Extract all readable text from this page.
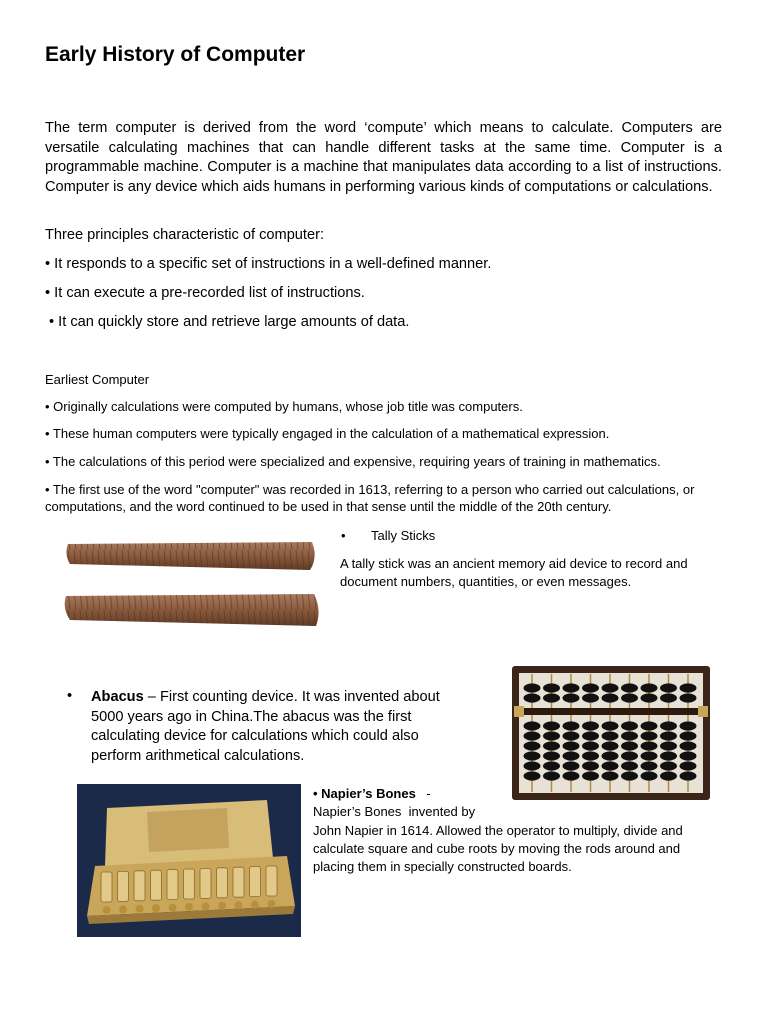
Early History of Computer

The term computer is derived from the word ‘compute’ which means to calculate. Computers are versatile calculating machines that can handle different tasks at the same time. Computer is a programmable machine. Computer is a machine that manipulates data according to a list of instructions. Computer is any device which aids humans in performing various kinds of computations or calculations.

Three principles characteristic of computer:

• It responds to a specific set of instructions in a well-defined manner.

• It can execute a pre-recorded list of instructions.

• It can quickly store and retrieve large amounts of data.

Earliest Computer

• Originally calculations were computed by humans, whose job title was computers.

• These human computers were typically engaged in the calculation of a mathematical expression.

• The calculations of this period were specialized and expensive, requiring years of training in mathematics.

• The first use of the word "computer" was recorded in 1613, referring to a person who carried out calculations, or computations, and the word continued to be used in that sense until the middle of the 20th century.

• Tally Sticks

A tally stick was an ancient memory aid device to record and document numbers, quantities, or even messages.

• Abacus – First counting device. It was invented about 5000 years ago in China.The abacus was the first calculating device for calculations which could also perform arithmetical calculations.

• Napier’s Bones -

Napier’s Bones  invented by

John Napier in 1614. Allowed the operator to multiply, divide and calculate square and cube roots by moving the rods around and placing them in specially constructed boards.
